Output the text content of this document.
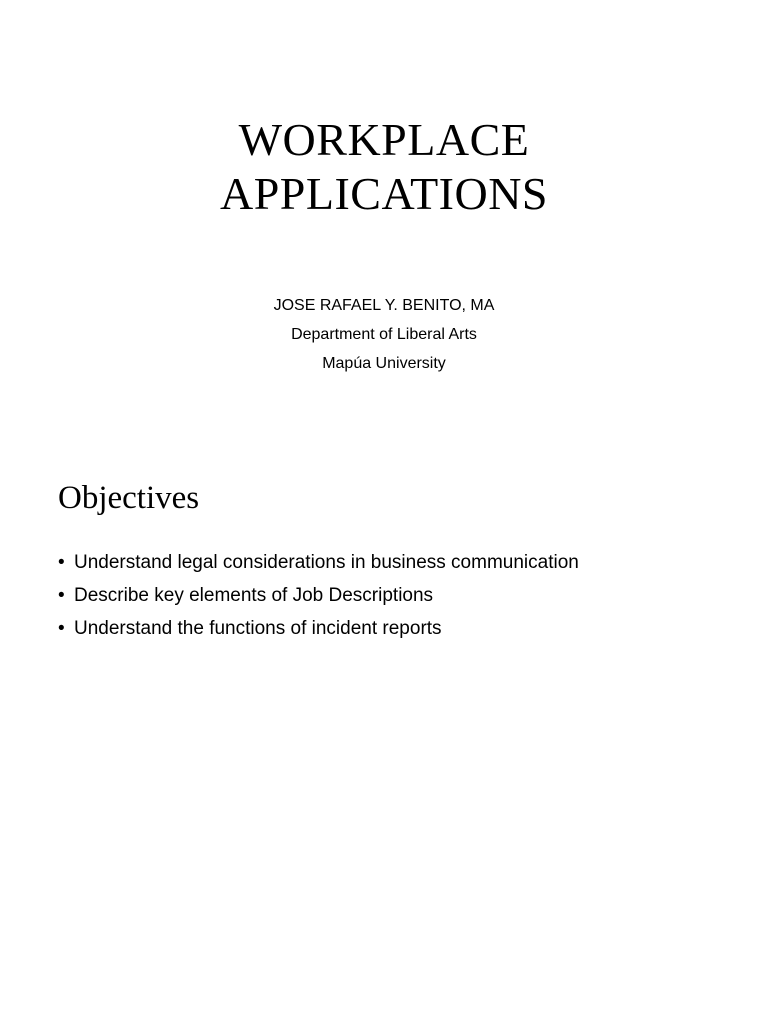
WORKPLACE
APPLICATIONS
JOSE RAFAEL Y. BENITO, MA
Department of Liberal Arts
Mapúa University
Objectives
• Understand legal considerations in business communication
• Describe key elements of Job Descriptions
• Understand the functions of incident reports
